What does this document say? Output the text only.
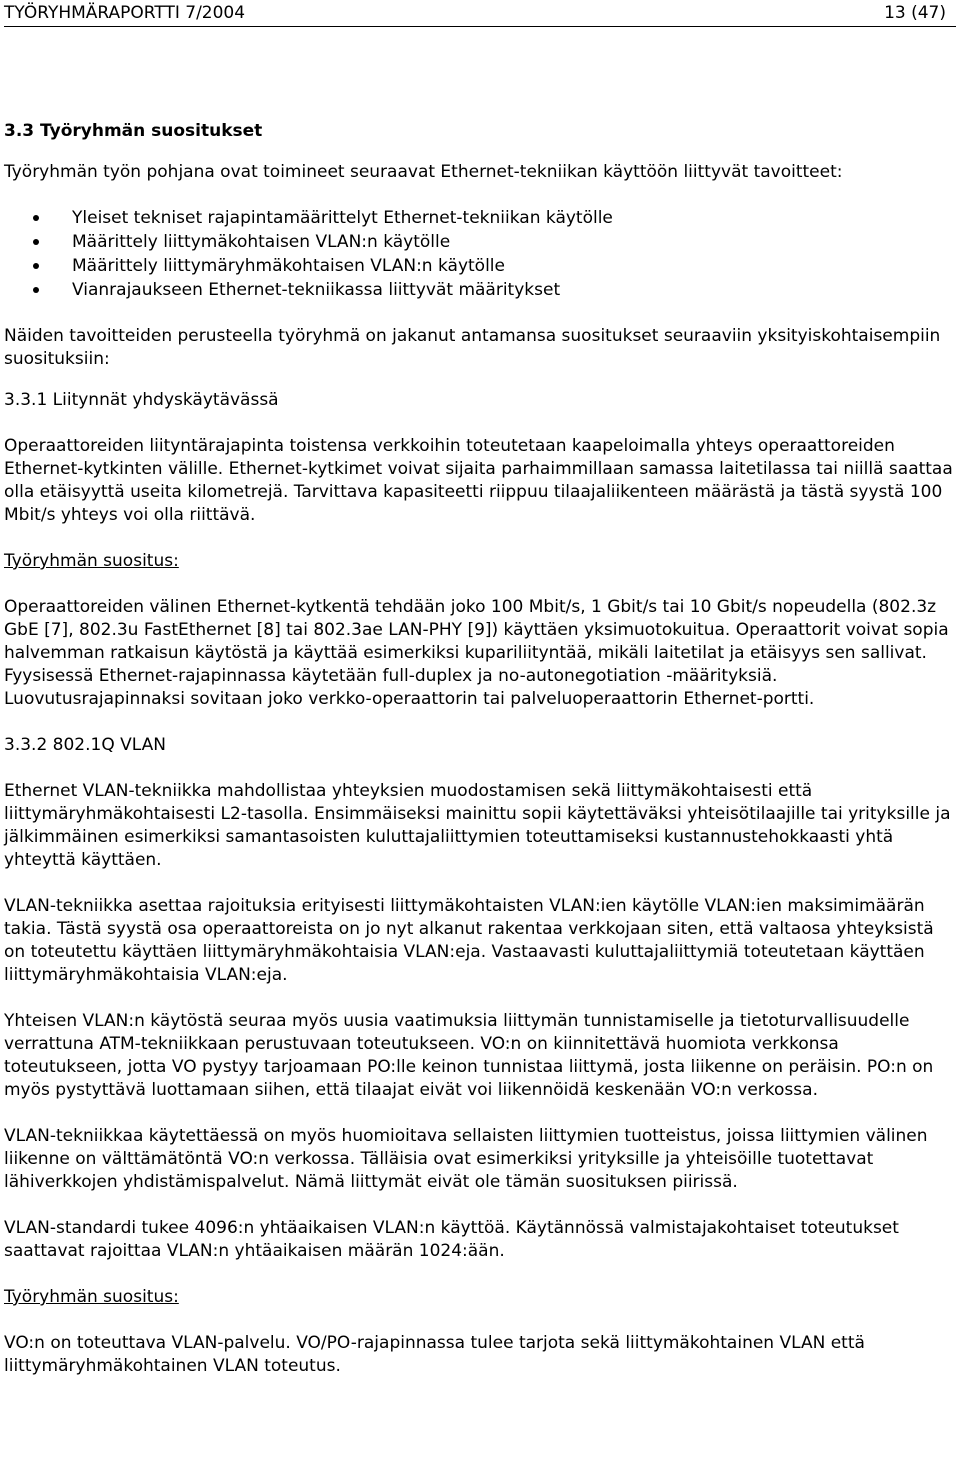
TYÖRYHMÄRAPORTTI 7/2004	13 (47)
3.3 Työryhmän suositukset

Työryhmän työn pohjana ovat toimineet seuraavat Ethernet-tekniikan käyttöön liittyvät tavoitteet:

Yleiset tekniset rajapintamäärittelyt Ethernet-tekniikan käytölle
Määrittely liittymäkohtaisen VLAN:n käytölle
Määrittely liittymäryhmäkohtaisen VLAN:n käytölle
Vianrajaukseen Ethernet-tekniikassa liittyvät määritykset

Näiden tavoitteiden perusteella työryhmä on jakanut antamansa suositukset seuraaviin yksityiskohtaisempiin suosituksiin:

3.3.1 Liitynnät yhdyskäytävässä

Operaattoreiden liityntärajapinta toistensa verkkoihin toteutetaan kaapeloimalla yhteys operaattoreiden Ethernet-kytkinten välille. Ethernet-kytkimet voivat sijaita parhaimmillaan samassa laitetilassa tai niillä saattaa olla etäisyyttä useita kilometrejä. Tarvittava kapasiteetti riippuu tilaajaliikenteen määrästä ja tästä syystä 100 Mbit/s yhteys voi olla riittävä.

Työryhmän suositus:

Operaattoreiden välinen Ethernet-kytkentä tehdään joko 100 Mbit/s, 1 Gbit/s tai 10 Gbit/s nopeudella (802.3z GbE [7], 802.3u FastEthernet [8] tai 802.3ae LAN-PHY [9]) käyttäen yksimuotokuitua. Operaattorit voivat sopia halvemman ratkaisun käytöstä ja käyttää esimerkiksi kupariliityntää, mikäli laitetilat ja etäisyys sen sallivat. Fyysisessä Ethernet-rajapinnassa käytetään full-duplex ja no-autonegotiation -määrityksiä. Luovutusrajapinnaksi sovitaan joko verkko-operaattorin tai palveluoperaattorin Ethernet-portti.

3.3.2 802.1Q VLAN

Ethernet VLAN-tekniikka mahdollistaa yhteyksien muodostamisen sekä liittymäkohtaisesti että liittymäryhmäkohtaisesti L2-tasolla. Ensimmäiseksi mainittu sopii käytettäväksi yhteisötilaajille tai yrityksille ja jälkimmäinen esimerkiksi samantasoisten kuluttajaliittymien toteuttamiseksi kustannustehokkaasti yhtä yhteyttä käyttäen.

VLAN-tekniikka asettaa rajoituksia erityisesti liittymäkohtaisten VLAN:ien käytölle VLAN:ien maksimimäärän takia. Tästä syystä osa operaattoreista on jo nyt alkanut rakentaa verkkojaan siten, että valtaosa yhteyksistä on toteutettu käyttäen liittymäryhmäkohtaisia VLAN:eja. Vastaavasti kuluttajaliittymiä toteutetaan käyttäen liittymäryhmäkohtaisia VLAN:eja.

Yhteisen VLAN:n käytöstä seuraa myös uusia vaatimuksia liittymän tunnistamiselle ja tietoturvallisuudelle verrattuna ATM-tekniikkaan perustuvaan toteutukseen. VO:n on kiinnitettävä huomiota verkkonsa toteutukseen, jotta VO pystyy tarjoamaan PO:lle keinon tunnistaa liittymä, josta liikenne on peräisin. PO:n on myös pystyttävä luottamaan siihen, että tilaajat eivät voi liikennöidä keskenään VO:n verkossa.

VLAN-tekniikkaa käytettäessä on myös huomioitava sellaisten liittymien tuotteistus, joissa liittymien välinen liikenne on välttämätöntä VO:n verkossa. Tälläisia ovat esimerkiksi yrityksille ja yhteisöille tuotettavat lähiverkkojen yhdistämispalvelut. Nämä liittymät eivät ole tämän suosituksen piirissä.

VLAN-standardi tukee 4096:n yhtäaikaisen VLAN:n käyttöä. Käytännössä valmistajakohtaiset toteutukset saattavat rajoittaa VLAN:n yhtäaikaisen määrän 1024:ään.

Työryhmän suositus:

VO:n on toteuttava VLAN-palvelu. VO/PO-rajapinnassa tulee tarjota sekä liittymäkohtainen VLAN että liittymäryhmäkohtainen VLAN toteutus.
